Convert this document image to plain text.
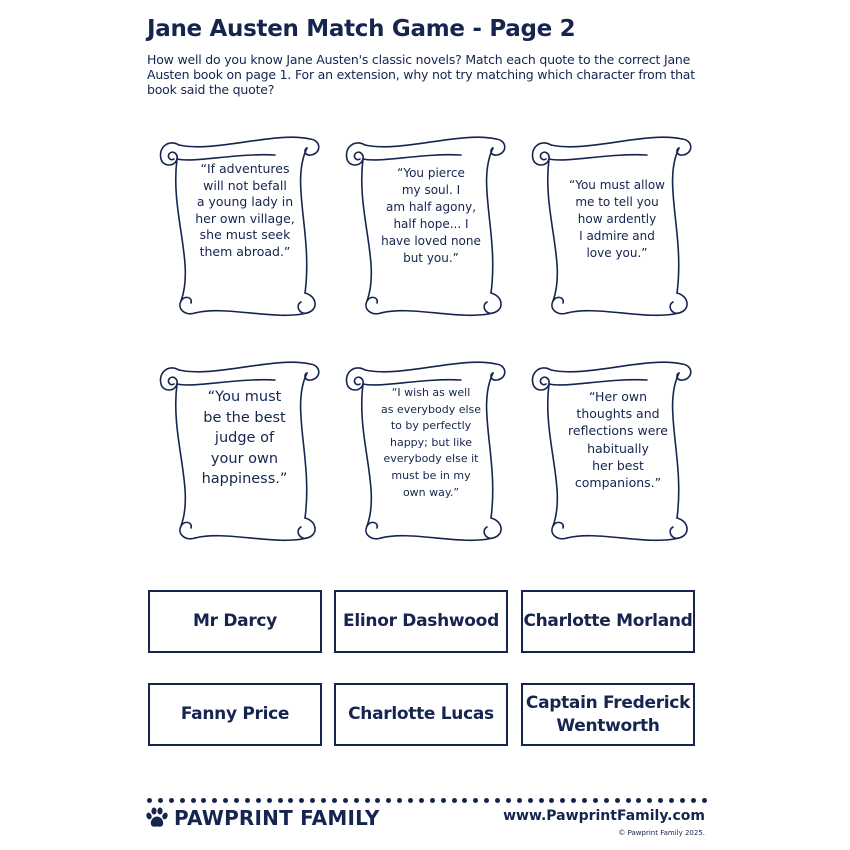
Jane Austen Match Game - Page 2

How well do you know Jane Austen's classic novels? Match each quote to the correct Jane Austen book on page 1. For an extension, why not try matching which character from that book said the quote?

“If adventures
will not befall
a young lady in
her own village,
she must seek
them abroad.”
“You pierce
my soul. I
am half agony,
half hope... I
have loved none
but you.”
“You must allow
me to tell you
how ardently
I admire and
love you.”
“You must
be the best
judge of
your own
happiness.”
“I wish as well
as everybody else
to by perfectly
happy; but like
everybody else it
must be in my
own way.”
“Her own
thoughts and
reflections were
habitually
her best
companions.”
Mr Darcy	Elinor Dashwood	Charlotte Morland
Fanny Price	Charlotte Lucas
Captain Frederick
Wentworth
PAWPRINT FAMILY	www.PawprintFamily.com
© Pawprint Family 2025.
